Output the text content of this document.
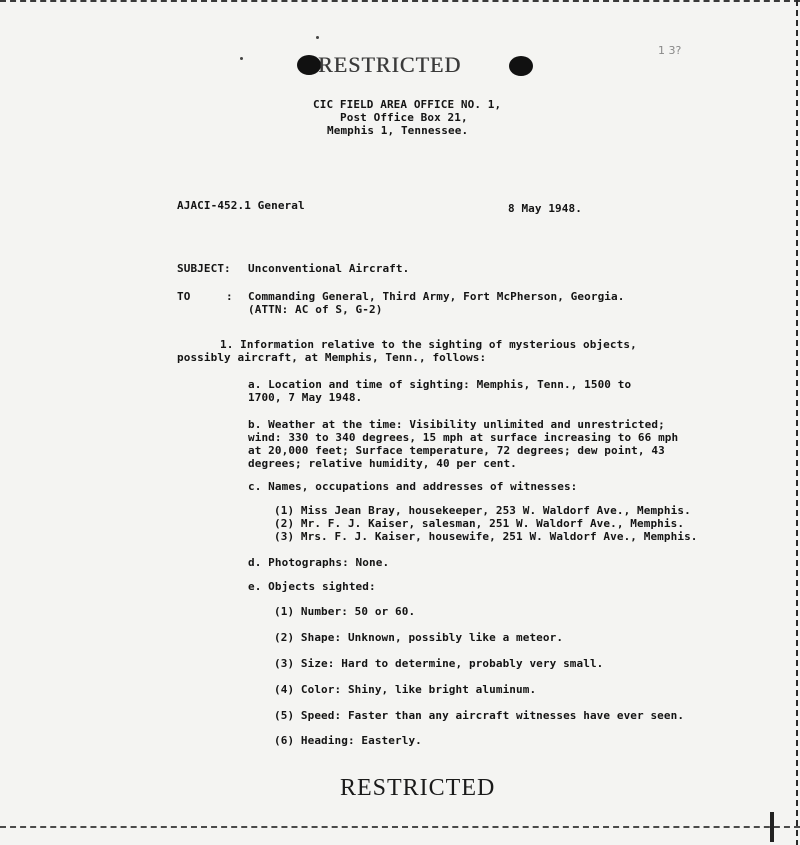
RESTRICTED
1 3?
CIC FIELD AREA OFFICE NO. 1,
Post Office Box 21,
Memphis 1, Tennessee.
AJACI-452.1 General	8 May 1948.
SUBJECT: Unconventional Aircraft.
TO	: Commanding General, Third Army, Fort McPherson, Georgia.
(ATTN: AC of S, G-2)
1. Information relative to the sighting of mysterious objects,
possibly aircraft, at Memphis, Tenn., follows:
a. Location and time of sighting: Memphis, Tenn., 1500 to
1700, 7 May 1948.
b. Weather at the time: Visibility unlimited and unrestricted;
wind: 330 to 340 degrees, 15 mph at surface increasing to 66 mph
at 20,000 feet; Surface temperature, 72 degrees; dew point, 43
degrees; relative humidity, 40 per cent.
c. Names, occupations and addresses of witnesses:
(1) Miss Jean Bray, housekeeper, 253 W. Waldorf Ave., Memphis.
(2) Mr. F. J. Kaiser, salesman, 251 W. Waldorf Ave., Memphis.
(3) Mrs. F. J. Kaiser, housewife, 251 W. Waldorf Ave., Memphis.
d. Photographs: None.
e. Objects sighted:
(1) Number: 50 or 60.
(2) Shape: Unknown, possibly like a meteor.
(3) Size: Hard to determine, probably very small.
(4) Color: Shiny, like bright aluminum.
(5) Speed: Faster than any aircraft witnesses have ever seen.
(6) Heading: Easterly.
RESTRICTED
